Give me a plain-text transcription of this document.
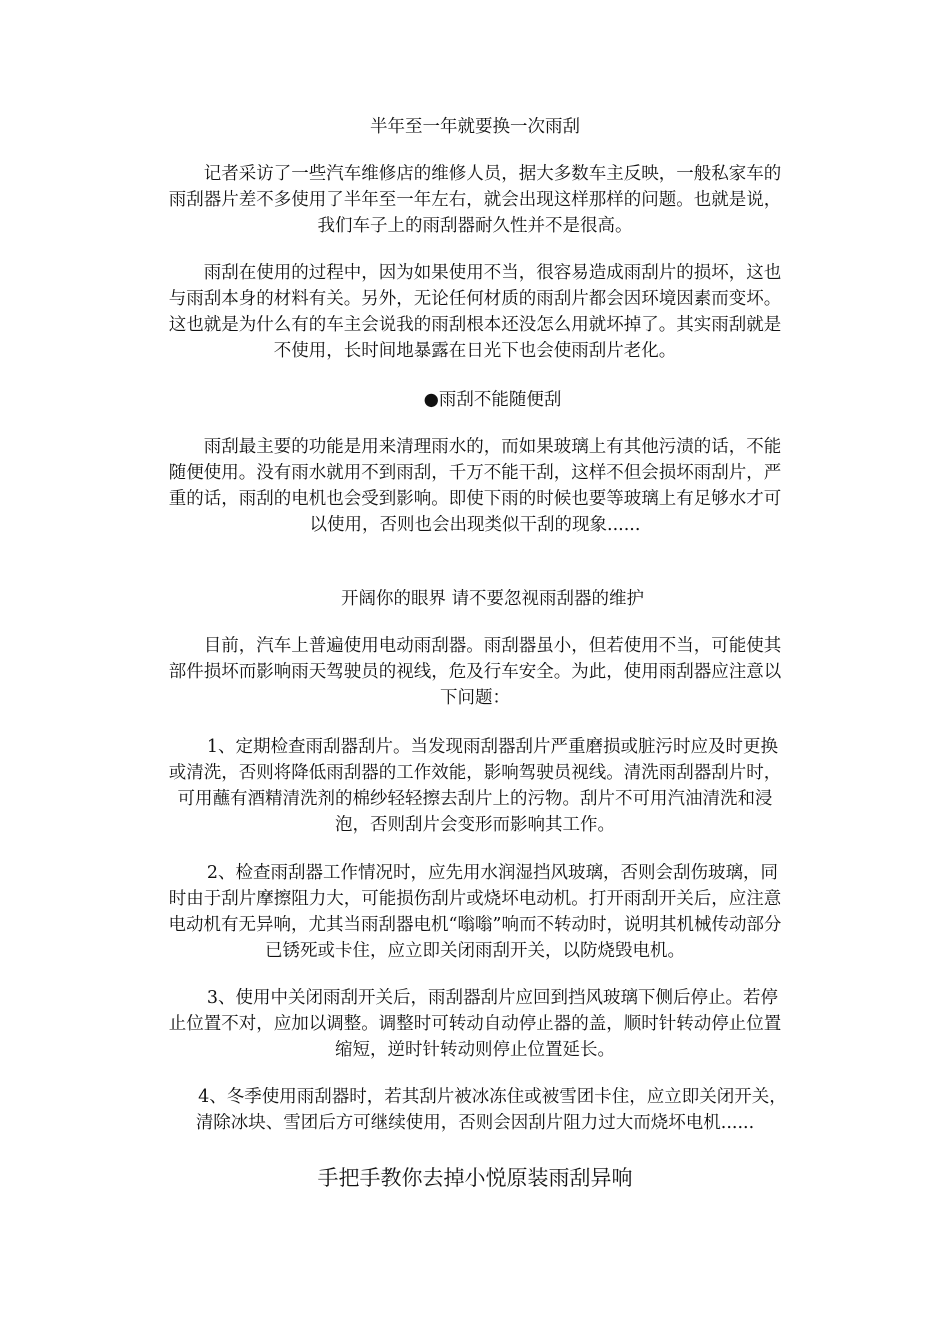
半年至一年就要换一次雨刮
　　记者采访了一些汽车维修店的维修人员，据大多数车主反映，一般私家车的
雨刮器片差不多使用了半年至一年左右，就会出现这样那样的问题。也就是说，
我们车子上的雨刮器耐久性并不是很高。
　　雨刮在使用的过程中，因为如果使用不当，很容易造成雨刮片的损坏，这也
与雨刮本身的材料有关。另外，无论任何材质的雨刮片都会因环境因素而变坏。
这也就是为什么有的车主会说我的雨刮根本还没怎么用就坏掉了。其实雨刮就是
不使用，长时间地暴露在日光下也会使雨刮片老化。
　　●雨刮不能随便刮
　　雨刮最主要的功能是用来清理雨水的，而如果玻璃上有其他污渍的话，不能
随便使用。没有雨水就用不到雨刮，千万不能干刮，这样不但会损坏雨刮片，严
重的话，雨刮的电机也会受到影响。即使下雨的时候也要等玻璃上有足够水才可
以使用，否则也会出现类似干刮的现象......
　　开阔你的眼界 请不要忽视雨刮器的维护
　　目前，汽车上普遍使用电动雨刮器。雨刮器虽小，但若使用不当，可能使其
部件损坏而影响雨天驾驶员的视线，危及行车安全。为此，使用雨刮器应注意以
下问题：
　　1、定期检查雨刮器刮片。当发现雨刮器刮片严重磨损或脏污时应及时更换
或清洗，否则将降低雨刮器的工作效能，影响驾驶员视线。清洗雨刮器刮片时，
可用蘸有酒精清洗剂的棉纱轻轻擦去刮片上的污物。刮片不可用汽油清洗和浸
泡，否则刮片会变形而影响其工作。
　　2、检查雨刮器工作情况时，应先用水润湿挡风玻璃，否则会刮伤玻璃，同
时由于刮片摩擦阻力大，可能损伤刮片或烧坏电动机。打开雨刮开关后，应注意
电动机有无异响，尤其当雨刮器电机“嗡嗡”响而不转动时，说明其机械传动部分
已锈死或卡住，应立即关闭雨刮开关，以防烧毁电机。
　　3、使用中关闭雨刮开关后，雨刮器刮片应回到挡风玻璃下侧后停止。若停
止位置不对，应加以调整。调整时可转动自动停止器的盖，顺时针转动停止位置
缩短，逆时针转动则停止位置延长。
　　4、冬季使用雨刮器时，若其刮片被冰冻住或被雪团卡住，应立即关闭开关，
清除冰块、雪团后方可继续使用，否则会因刮片阻力过大而烧坏电机......
手把手教你去掉小悦原装雨刮异响
